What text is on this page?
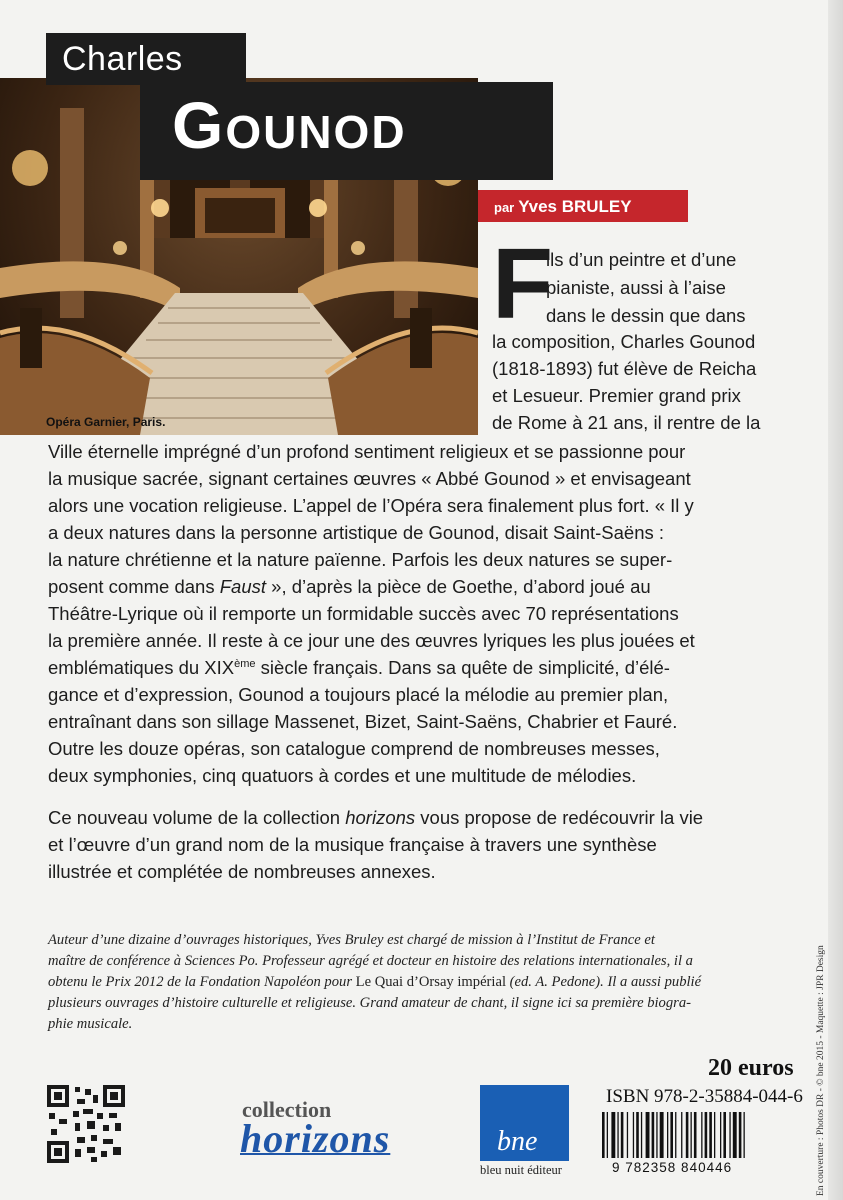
Opéra Garnier, Paris.
Charles
Gounod
par Yves BRULEY
F
ils d’un peintre et d’une
pianiste, aussi à l’aise
dans le dessin que dans
la composition, Charles Gounod
(1818-1893) fut élève de Reicha
et Lesueur. Premier grand prix
de Rome à 21 ans, il rentre de la
Ville éternelle imprégné d’un profond sentiment religieux et se passionne pour
la musique sacrée, signant certaines œuvres « Abbé Gounod » et envisageant
alors une vocation religieuse. L’appel de l’Opéra sera finalement plus fort. « Il y
a deux natures dans la personne artistique de Gounod, disait Saint-Saëns :
la nature chrétienne et la nature païenne. Parfois les deux natures se super-
posent comme dans Faust », d’après la pièce de Goethe, d’abord joué au
Théâtre-Lyrique où il remporte un formidable succès avec 70 représentations
la première année. Il reste à ce jour une des œuvres lyriques les plus jouées et
emblématiques du XIXème siècle français. Dans sa quête de simplicité, d’élé-
gance et d’expression, Gounod a toujours placé la mélodie au premier plan,
entraînant dans son sillage Massenet, Bizet, Saint-Saëns, Chabrier et Fauré.
Outre les douze opéras, son catalogue comprend de nombreuses messes,
deux symphonies, cinq quatuors à cordes et une multitude de mélodies.
Ce nouveau volume de la collection horizons vous propose de redécouvrir la vie
et l’œuvre d’un grand nom de la musique française à travers une synthèse
illustrée et complétée de nombreuses annexes.
Auteur d’une dizaine d’ouvrages historiques, Yves Bruley est chargé de mission à l’Institut de France et
maître de conférence à Sciences Po. Professeur agrégé et docteur en histoire des relations internationales, il a
obtenu le Prix 2012 de la Fondation Napoléon pour Le Quai d’Orsay impérial (ed. A. Pedone). Il a aussi publié
plusieurs ouvrages d’histoire culturelle et religieuse. Grand amateur de chant, il signe ici sa première biogra-
phie musicale.
collection
horizons	bne
bleu nuit éditeur
20 euros
ISBN 978-2-35884-044-6
9 782358 840446	En couverture : Photos DR - © bne 2015 - Maquette : JPR Design
